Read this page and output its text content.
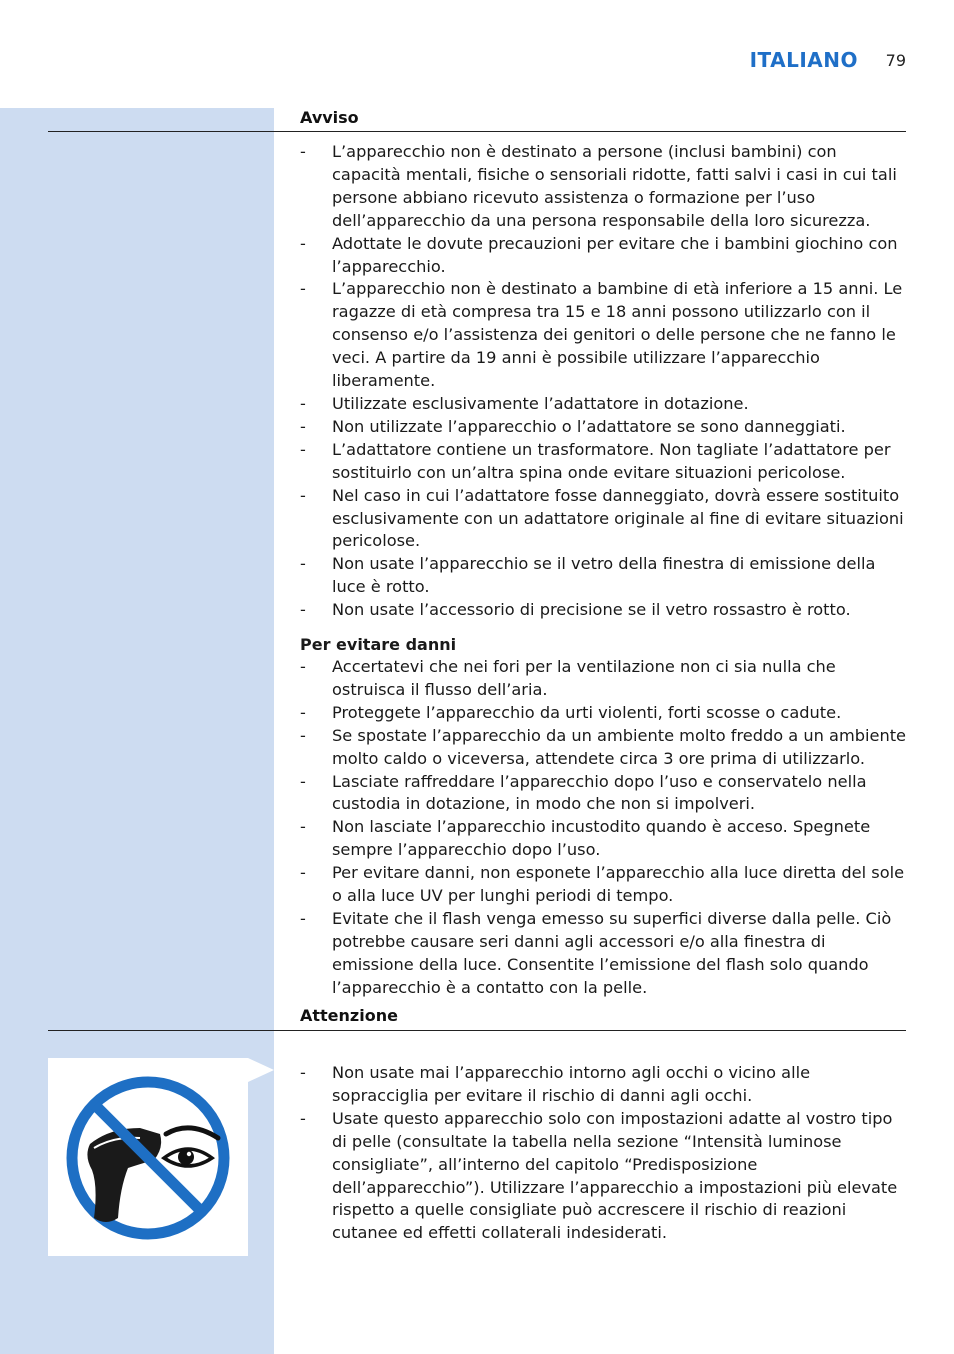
ITALIANO 79
Avviso
- L’apparecchio non è destinato a persone (inclusi bambini) con capacità mentali, fisiche o sensoriali ridotte, fatti salvi i casi in cui tali persone abbiano ricevuto assistenza o formazione per l’uso dell’apparecchio da una persona responsabile della loro sicurezza.
- Adottate le dovute precauzioni per evitare che i bambini giochino con l’apparecchio.
- L’apparecchio non è destinato a bambine di età inferiore a 15 anni. Le ragazze di età compresa tra 15 e 18 anni possono utilizzarlo con il consenso e/o l’assistenza dei genitori o delle persone che ne fanno le veci. A partire da 19 anni è possibile utilizzare l’apparecchio liberamente.
- Utilizzate esclusivamente l’adattatore in dotazione.
- Non utilizzate l’apparecchio o l’adattatore se sono danneggiati.
- L’adattatore contiene un trasformatore. Non tagliate l’adattatore per sostituirlo con un’altra spina onde evitare situazioni pericolose.
- Nel caso in cui l’adattatore fosse danneggiato, dovrà essere sostituito esclusivamente con un adattatore originale al fine di evitare situazioni pericolose.
- Non usate l’apparecchio se il vetro della finestra di emissione della luce è rotto.
- Non usate l’accessorio di precisione se il vetro rossastro è rotto.
Per evitare danni
- Accertatevi che nei fori per la ventilazione non ci sia nulla che ostruisca il flusso dell’aria.
- Proteggete l’apparecchio da urti violenti, forti scosse o cadute.
- Se spostate l’apparecchio da un ambiente molto freddo a un ambiente molto caldo o viceversa, attendete circa 3 ore prima di utilizzarlo.
- Lasciate raffreddare l’apparecchio dopo l’uso e conservatelo nella custodia in dotazione, in modo che non si impolveri.
- Non lasciate l’apparecchio incustodito quando è acceso. Spegnete sempre l’apparecchio dopo l’uso.
- Per evitare danni, non esponete l’apparecchio alla luce diretta del sole o alla luce UV per lunghi periodi di tempo.
- Evitate che il flash venga emesso su superfici diverse dalla pelle. Ciò potrebbe causare seri danni agli accessori e/o alla finestra di emissione della luce. Consentite l’emissione del flash solo quando l’apparecchio è a contatto con la pelle.
Attenzione
- Non usate mai l’apparecchio intorno agli occhi o vicino alle sopracciglia per evitare il rischio di danni agli occhi.
- Usate questo apparecchio solo con impostazioni adatte al vostro tipo di pelle (consultate la tabella nella sezione “Intensità luminose consigliate”, all’interno del capitolo “Predisposizione dell’apparecchio”). Utilizzare l’apparecchio a impostazioni più elevate rispetto a quelle consigliate può accrescere il rischio di reazioni cutanee ed effetti collaterali indesiderati.
